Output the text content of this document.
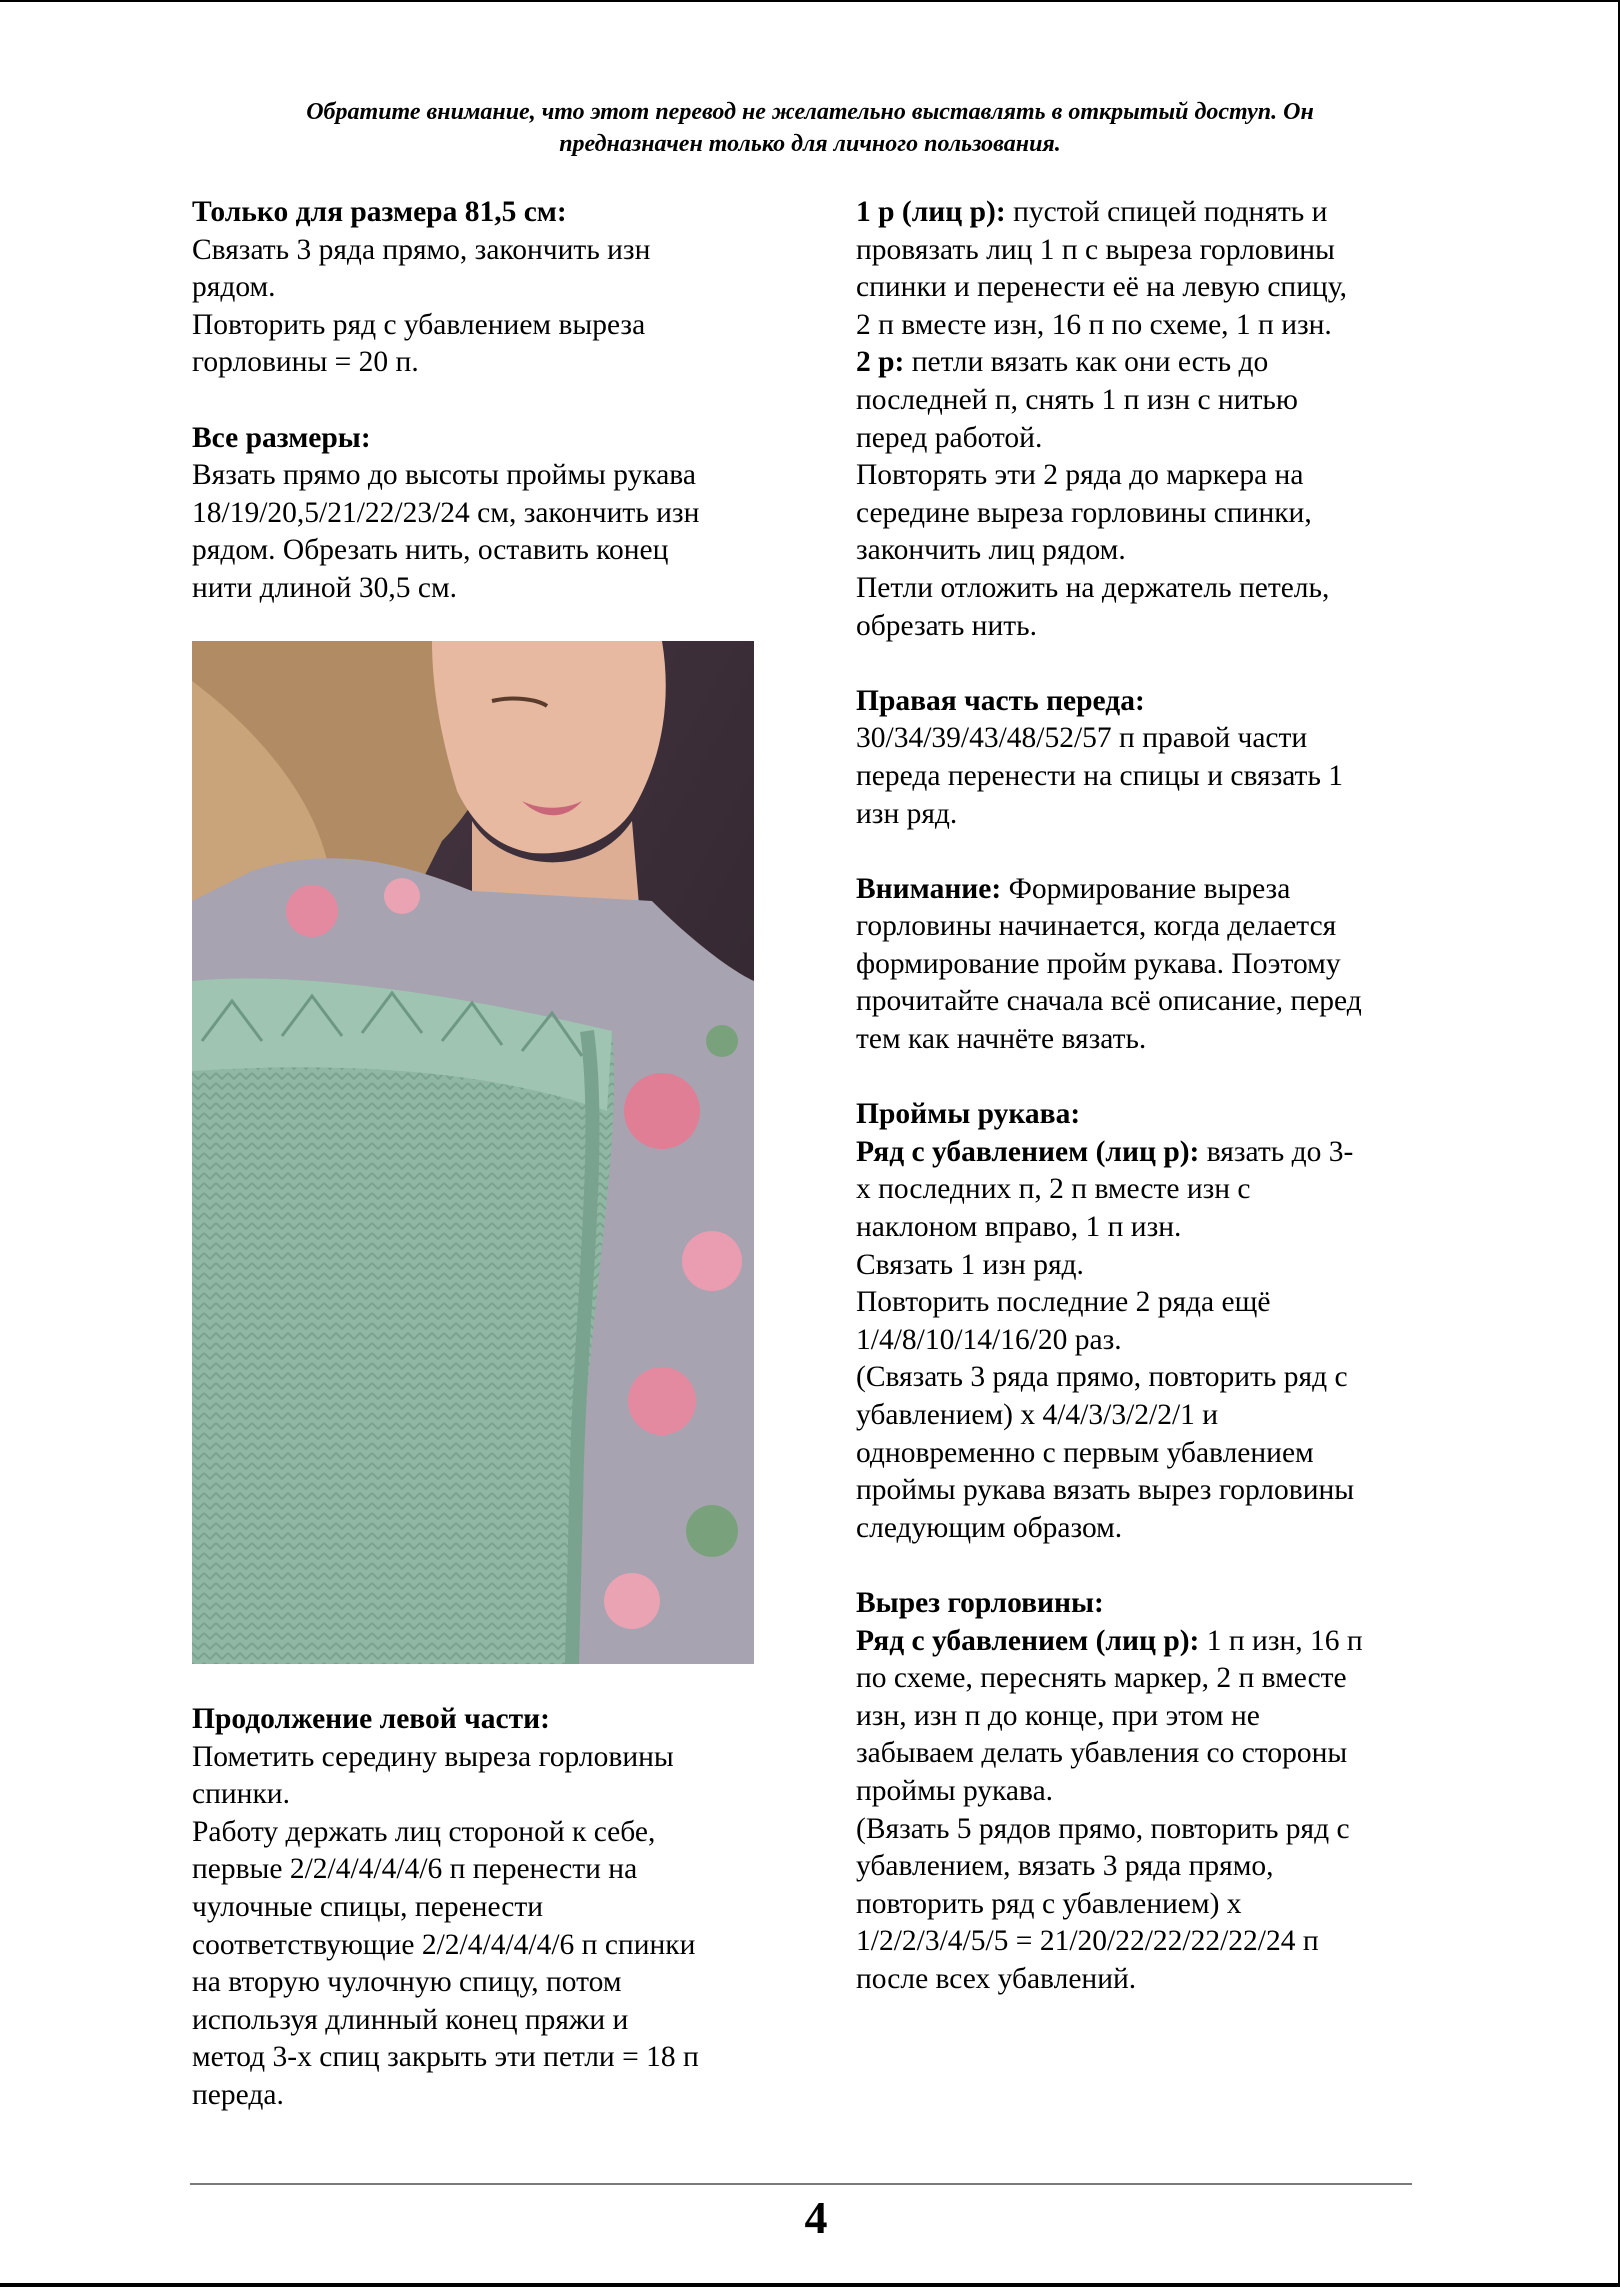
Обратите внимание, что этот перевод не желательно выставлять в открытый доступ. Он
предназначен только для личного пользования.

Только для размера 81,5 см:

Связать 3 ряда прямо, закончить изн

рядом.

Повторить ряд с убавлением выреза

горловины = 20 п.

Все размеры:

Вязать прямо до высоты проймы рукава

18/19/20,5/21/22/23/24 см, закончить изн

рядом. Обрезать нить, оставить конец

нити длиной 30,5 см.

Продолжение левой части:

Пометить середину выреза горловины

спинки.

Работу держать лиц стороной к себе,

первые 2/2/4/4/4/4/6 п перенести на

чулочные спицы, перенести

соответствующие 2/2/4/4/4/4/6 п спинки

на вторую чулочную спицу, потом

используя длинный конец пряжи и

метод 3-х спиц закрыть эти петли = 18 п

переда.

1 р (лиц р): пустой спицей поднять и

провязать лиц 1 п с выреза горловины

спинки и перенести её на левую спицу,

2 п вместе изн, 16 п по схеме, 1 п изн.

2 р: петли вязать как они есть до

последней п, снять 1 п изн с нитью

перед работой.

Повторять эти 2 ряда до маркера на

середине выреза горловины спинки,

закончить лиц рядом.

Петли отложить на держатель петель,

обрезать нить.

Правая часть переда:

30/34/39/43/48/52/57 п правой части

переда перенести на спицы и связать 1

изн ряд.

Внимание: Формирование выреза

горловины начинается, когда делается

формирование пройм рукава. Поэтому

прочитайте сначала всё описание, перед

тем как начнёте вязать.

Проймы рукава:

Ряд с убавлением (лиц р): вязать до 3-

х последних п, 2 п вместе изн с

наклоном вправо, 1 п изн.

Связать 1 изн ряд.

Повторить последние 2 ряда ещё

1/4/8/10/14/16/20 раз.

(Связать 3 ряда прямо, повторить ряд с

убавлением) х 4/4/3/3/2/2/1 и

одновременно с первым убавлением

проймы рукава вязать вырез горловины

следующим образом.

Вырез горловины:

Ряд с убавлением (лиц р): 1 п изн, 16 п

по схеме, переснять маркер, 2 п вместе

изн, изн п до конце, при этом не

забываем делать убавления со стороны

проймы рукава.

(Вязать 5 рядов прямо, повторить ряд с

убавлением, вязать 3 ряда прямо,

повторить ряд с убавлением) х

1/2/2/3/4/5/5 = 21/20/22/22/22/22/24 п

после всех убавлений.

4
